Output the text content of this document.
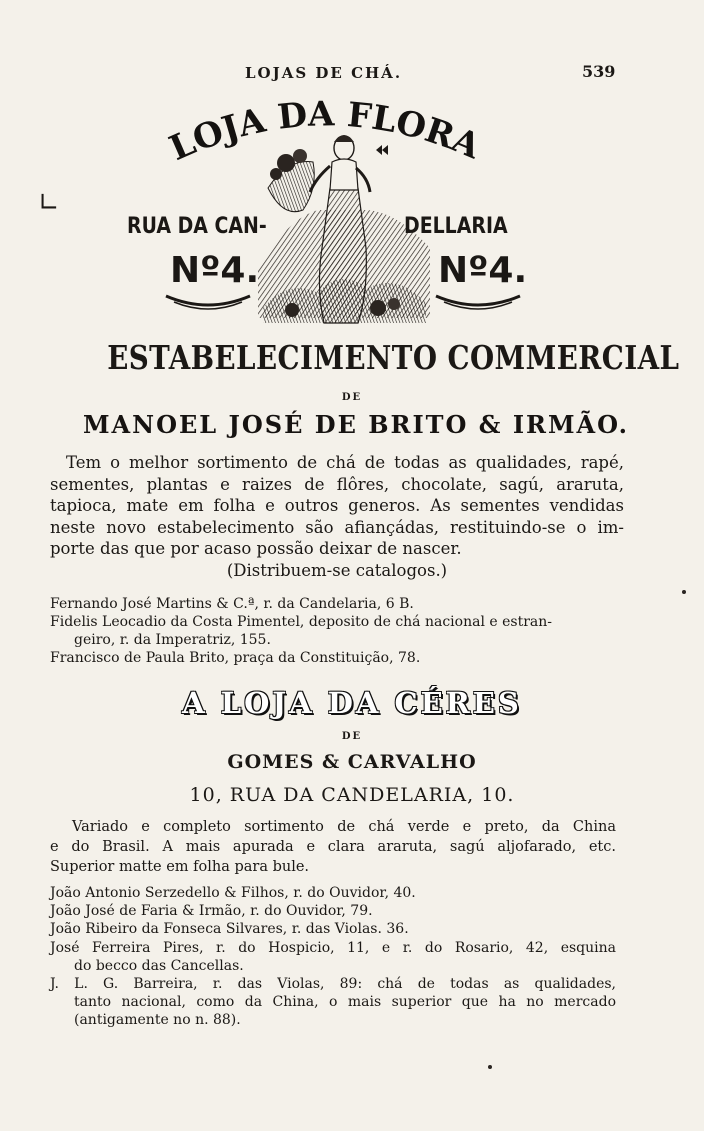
LOJAS DE CHÁ.	539
∟
LOJA DA FLORA
RUA DA CAN-	DELLARIA
Nº4.	Nº4.
ESTABELECIMENTO COMMERCIAL
DE
MANOEL JOSÉ DE BRITO & IRMÃO.
Tem o melhor sortimento de chá de todas as qualidades, rapé,
sementes, plantas e raizes de flôres, chocolate, sagú, araruta,
tapioca, mate em folha e outros generos. As sementes vendidas
neste novo estabelecimento são afiançádas, restituindo-se o im-
porte das que por acaso possão deixar de nascer.
(Distribuem-se catalogos.)
Fernando José Martins & C.ª, r. da Candelaria, 6 B.
Fidelis Leocadio da Costa Pimentel, deposito de chá nacional e estran-
geiro, r. da Imperatriz, 155.
Francisco de Paula Brito, praça da Constituição, 78.
A LOJA DA CÉRES
DE
GOMES & CARVALHO
10, RUA DA CANDELARIA, 10.
Variado e completo sortimento de chá verde e preto, da China
e do Brasil. A mais apurada e clara araruta, sagú aljofarado, etc.
Superior matte em folha para bule.
João Antonio Serzedello & Filhos, r. do Ouvidor, 40.
João José de Faria & Irmão, r. do Ouvidor, 79.
João Ribeiro da Fonseca Silvares, r. das Violas. 36.
José Ferreira Pires, r. do Hospicio, 11, e r. do Rosario, 42, esquina
do becco das Cancellas.
J. L. G. Barreira, r. das Violas, 89: chá de todas as qualidades,
tanto nacional, como da China, o mais superior que ha no mercado
(antigamente no n. 88).
